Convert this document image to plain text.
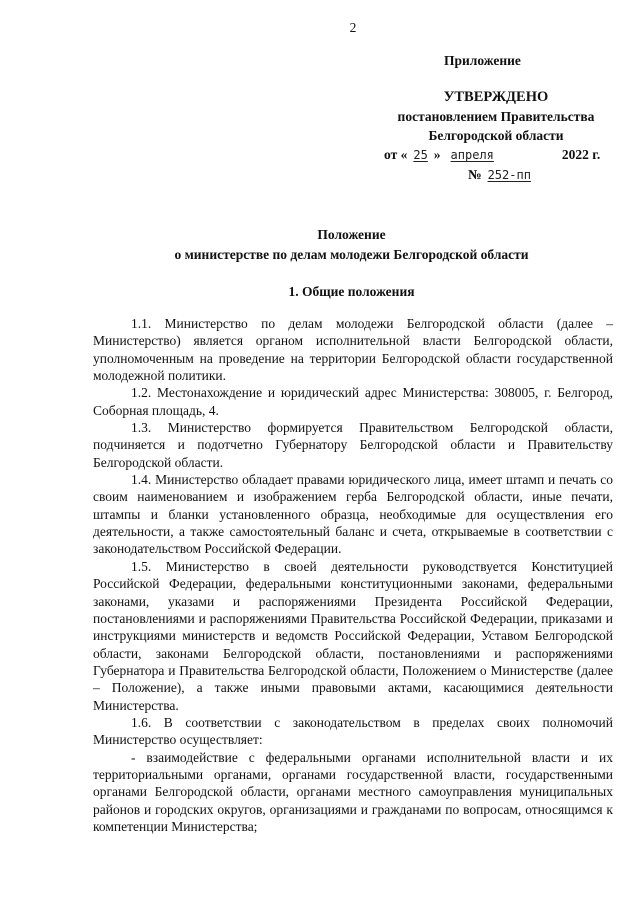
2
Приложение
УТВЕРЖДЕНО
постановлением Правительства
Белгородской области
от « 25 » апреля	2022 г.
№ 252-пп
Положение
о министерстве по делам молодежи Белгородской области
1. Общие положения

1.1. Министерство по делам молодежи Белгородской области (далее – Министерство) является органом исполнительной власти Белгородской области, уполномоченным на проведение на территории Белгородской области государственной молодежной политики.

1.2. Местонахождение и юридический адрес Министерства: 308005, г. Белгород, Соборная площадь, 4.

1.3. Министерство формируется Правительством Белгородской области, подчиняется и подотчетно Губернатору Белгородской области и Правительству Белгородской области.

1.4. Министерство обладает правами юридического лица, имеет штамп и печать со своим наименованием и изображением герба Белгородской области, иные печати, штампы и бланки установленного образца, необходимые для осуществления его деятельности, а также самостоятельный баланс и счета, открываемые в соответствии с законодательством Российской Федерации.

1.5. Министерство в своей деятельности руководствуется Конституцией Российской Федерации, федеральными конституционными законами, федеральными законами, указами и распоряжениями Президента Российской Федерации, постановлениями и распоряжениями Правительства Российской Федерации, приказами и инструкциями министерств и ведомств Российской Федерации, Уставом Белгородской области, законами Белгородской области, постановлениями и распоряжениями Губернатора и Правительства Белгородской области, Положением о Министерстве (далее – Положение), а также иными правовыми актами, касающимися деятельности Министерства.

1.6. В соответствии с законодательством в пределах своих полномочий Министерство осуществляет:

- взаимодействие с федеральными органами исполнительной власти и их территориальными органами, органами государственной власти, государственными органами Белгородской области, органами местного самоуправления муниципальных районов и городских округов, организациями и гражданами по вопросам, относящимся к компетенции Министерства;
